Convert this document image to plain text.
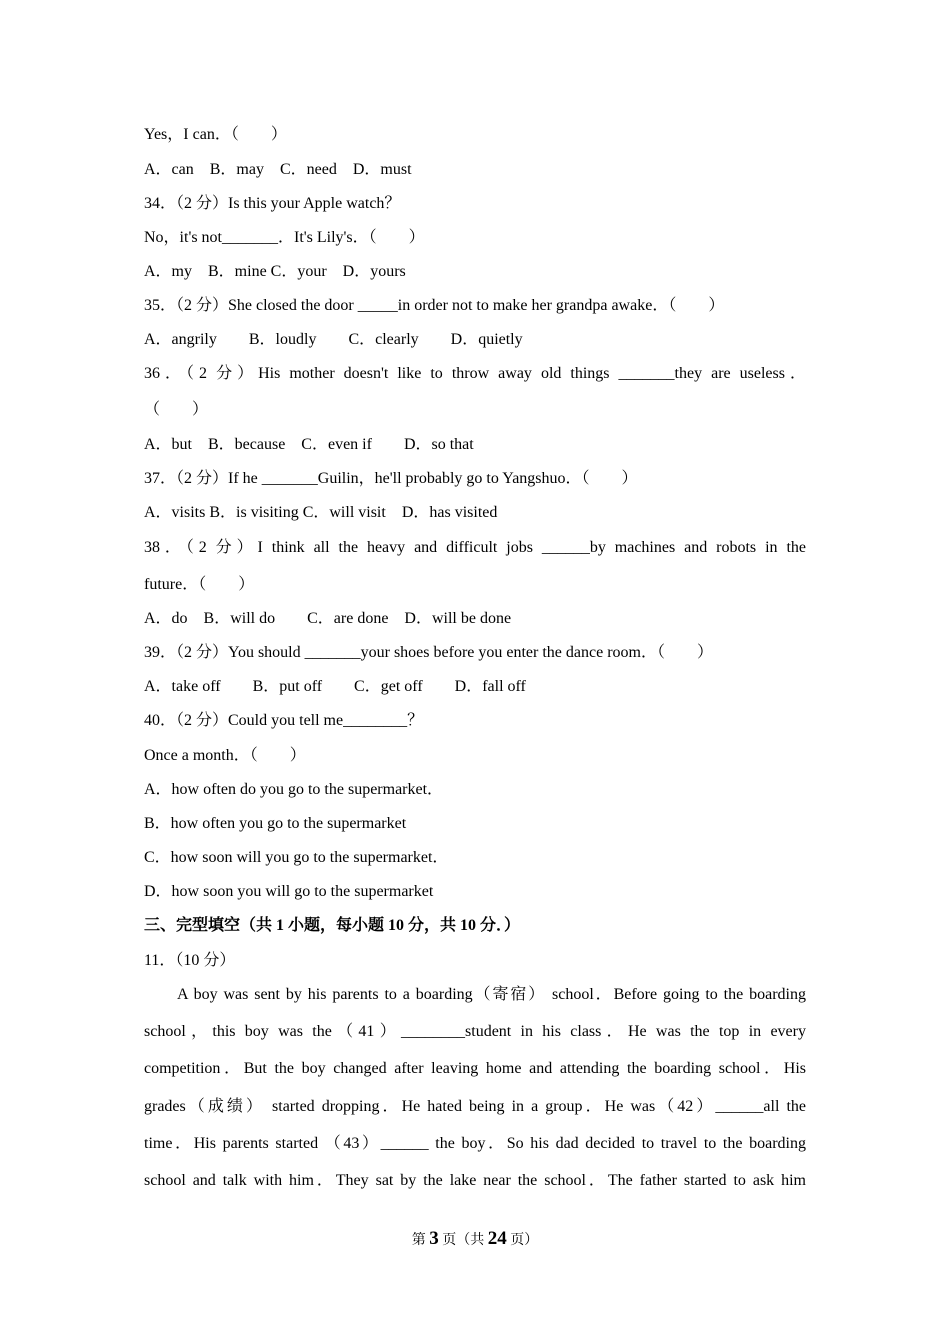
Yes，I can．（　　）
A．can　B．may　C．need　D．must
34．（2 分）Is this your Apple watch？
No，it's not_______．It's Lily's．（　　）
A．my　B．mine C．your　D．yours
35．（2 分）She closed the door _____in order not to make her grandpa awake．（　　）
A．angrily　　B．loudly　　C．clearly　　D．quietly
36．（2 分）His mother doesn't like to throw away old things _______they are useless．
（　　）
A．but　B．because　C．even if　　D．so that
37．（2 分）If he _______Guilin，he'll probably go to Yangshuo．（　　）
A．visits B．is visiting C．will visit　D．has visited
38．（2 分）I think all the heavy and difficult jobs ______by machines and robots in the
future．（　　）
A．do　B．will do　　C．are done　D．will be done
39．（2 分）You should _______your shoes before you enter the dance room．（　　）
A．take off　　B．put off　　C．get off　　D．fall off
40．（2 分）Could you tell me________？
Once a month．（　　）
A．how often do you go to the supermarket．
B．how often you go to the supermarket
C．how soon will you go to the supermarket．
D．how soon you will go to the supermarket
三、完型填空（共 1 小题，每小题 10 分，共 10 分．）
11．（10 分）
A boy was sent by his parents to a boarding（寄宿） school．Before going to the boarding
school，this boy was the（41）________student in his class．He was the top in every
competition．But the boy changed after leaving home and attending the boarding school．His
grades（成绩） started dropping．He hated being in a group．He was（42）______all the
time．His parents started （43）______ the boy．So his dad decided to travel to the boarding
school and talk with him．They sat by the lake near the school．The father started to ask him
第 3 页（共 24 页）
